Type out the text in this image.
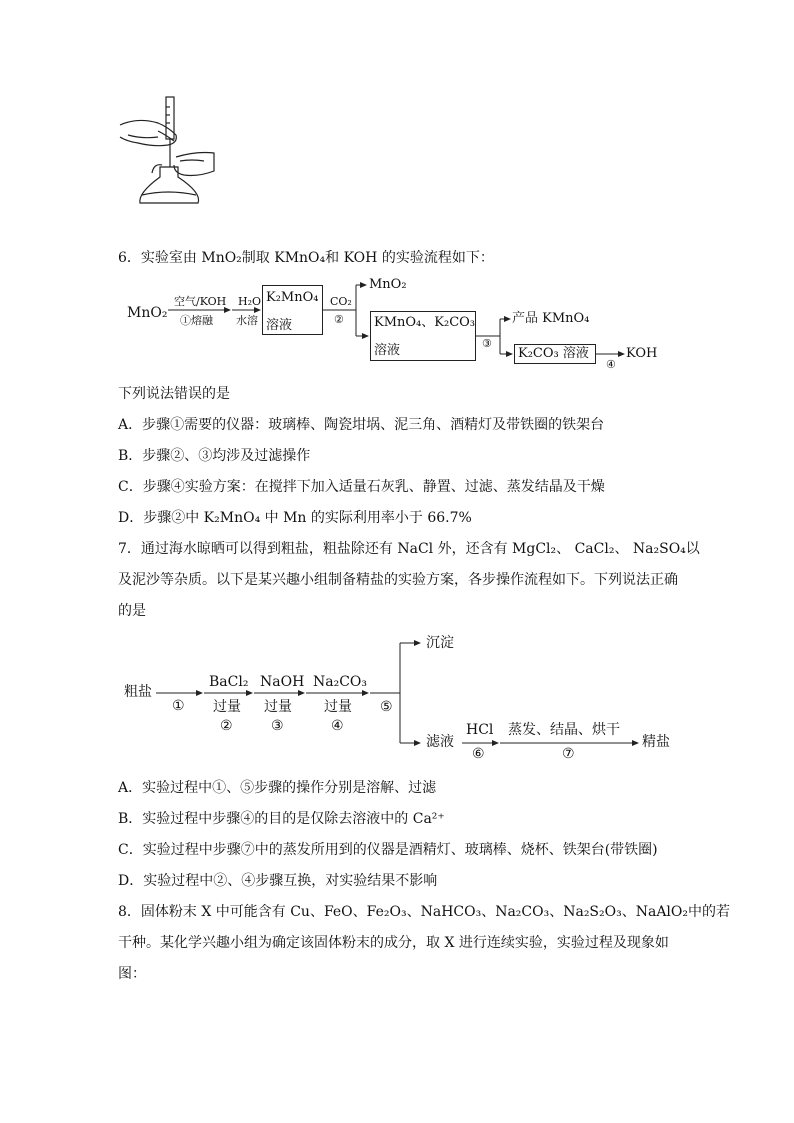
6．实验室由 MnO₂制取 KMnO₄和 KOH 的实验流程如下：
MnO₂
空气/KOH
①熔融
H₂O
水溶
K₂MnO₄
溶液
CO₂
②
MnO₂
KMnO₄、K₂CO₃
溶液	③
产品 KMnO₄
K₂CO₃ 溶液
④
KOH
下列说法错误的是
A．步骤①需要的仪器：玻璃棒、陶瓷坩埚、泥三角、酒精灯及带铁圈的铁架台
B．步骤②、③均涉及过滤操作
C．步骤④实验方案：在搅拌下加入适量石灰乳、静置、过滤、蒸发结晶及干燥
D．步骤②中 K₂MnO₄ 中 Mn 的实际利用率小于 66.7%
7．通过海水晾晒可以得到粗盐，粗盐除还有 NaCl 外，还含有 MgCl₂、 CaCl₂、 Na₂SO₄以
及泥沙等杂质。以下是某兴趣小组制备精盐的实验方案，各步操作流程如下。下列说法正确
的是
粗盐
①
BaCl₂ NaOH Na₂CO₃
过量 过量 过量
②	③	④
⑤
沉淀
滤液
HCl
⑥
蒸发、结晶、烘干
⑦
精盐
A．实验过程中①、⑤步骤的操作分别是溶解、过滤
B．实验过程中步骤④的目的是仅除去溶液中的 Ca²⁺
C．实验过程中步骤⑦中的蒸发所用到的仪器是酒精灯、玻璃棒、烧杯、铁架台(带铁圈)
D．实验过程中②、④步骤互换，对实验结果不影响
8．固体粉末 X 中可能含有 Cu、FeO、Fe₂O₃、NaHCO₃、Na₂CO₃、Na₂S₂O₃、NaAlO₂中的若
干种。某化学兴趣小组为确定该固体粉末的成分，取 X 进行连续实验，实验过程及现象如
图：
